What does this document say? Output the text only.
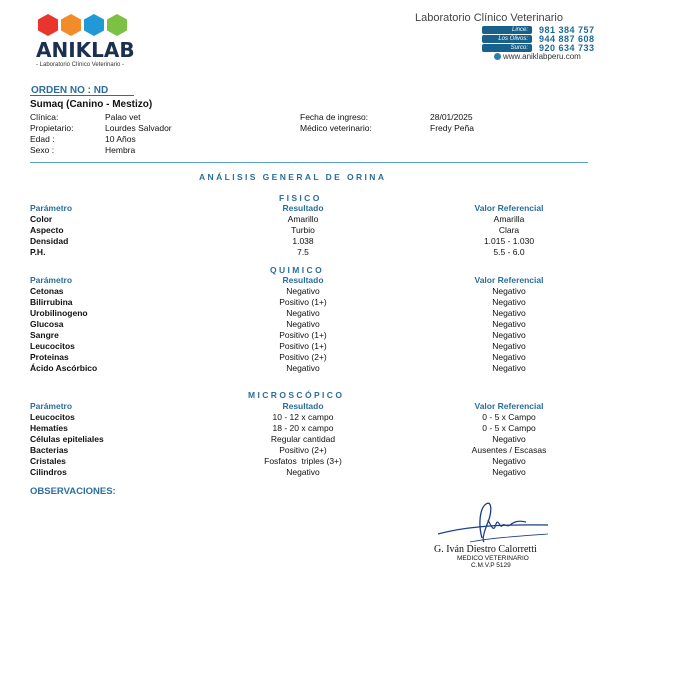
ANIKLAB
- Laboratorio Clínico Veterinario -
Laboratorio Clínico Veterinario
Lince:	981 384 757
Los Olivos:	944 887 608
Surco:	920 634 733
www.aniklabperu.com
ORDEN NO : ND
Sumaq (Canino - Mestizo)
Clínica:	Palao vet
Propietario:	Lourdes Salvador
Edad :	10 Años
Sexo :	Hembra
Fecha de ingreso:	28/01/2025
Médico veterinario:	Fredy Peña
ANÁLISIS GENERAL DE ORINA
FISICO
Parámetro	Resultado	Valor Referencial
Color	Amarillo	Amarilla
Aspecto	Turbio	Clara
Densidad	1.038	1.015 - 1.030
P.H.	7.5	5.5 - 6.0
QUIMICO
Parámetro	Resultado	Valor Referencial
Cetonas	Negativo	Negativo
Bilirrubina	Positivo (1+)	Negativo
Urobilinogeno	Negativo	Negativo
Glucosa	Negativo	Negativo
Sangre	Positivo (1+)	Negativo
Leucocitos	Positivo (1+)	Negativo
Proteinas	Positivo (2+)	Negativo
Ácido Ascórbico	Negativo	Negativo
MICROSCÓPICO
Parámetro	Resultado	Valor Referencial
Leucocitos	10 - 12 x campo	0 - 5 x Campo
Hematíes	18 - 20 x campo	0 - 5 x Campo
Células epiteliales	Regular cantidad	Negativo
Bacterias	Positivo (2+)	Ausentes / Escasas
Cristales	Fosfatos  triples (3+)	Negativo
Cilindros	Negativo	Negativo
OBSERVACIONES:
G. Iván Diestro Calorretti
MEDICO VETERINARIO
C.M.V.P 5129
